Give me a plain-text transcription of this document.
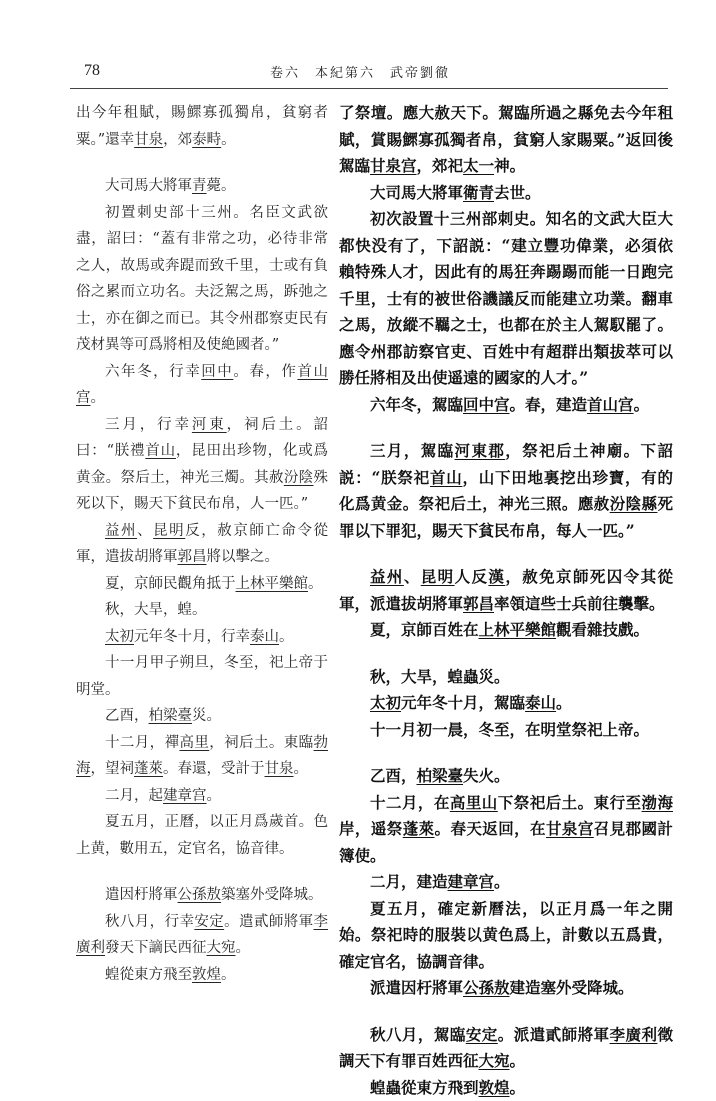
78	卷六　本紀第六　武帝劉徹

出今年租賦，賜鰥寡孤獨帛，貧窮者粟。”還幸甘泉，郊泰畤。

大司馬大將軍青薨。

初置刺史部十三州。名臣文武欲盡，詔曰：“蓋有非常之功，必待非常之人，故馬或奔踶而致千里，士或有負俗之累而立功名。夫泛駕之馬，跅弛之士，亦在御之而已。其令州郡察吏民有茂材異等可爲將相及使絶國者。”

六年冬，行幸回中。春，作首山宫。

三月，行幸河東，祠后土。詔曰：“朕禮首山，昆田出珍物，化或爲黄金。祭后土，神光三燭。其赦汾陰殊死以下，賜天下貧民布帛，人一匹。”

益州、昆明反，赦京師亡命令從軍，遣拔胡將軍郭昌將以擊之。

夏，京師民觀角抵于上林平樂館。

秋，大旱，蝗。

太初元年冬十月，行幸泰山。

十一月甲子朔旦，冬至，祀上帝于明堂。

乙酉，柏梁臺災。

十二月，禪高里，祠后土。東臨勃海，望祠蓬萊。春還，受計于甘泉。

二月，起建章宫。

夏五月，正曆，以正月爲歲首。色上黄，數用五，定官名，協音律。

遣因杅將軍公孫敖築塞外受降城。

秋八月，行幸安定。遣貳師將軍李廣利發天下謫民西征大宛。

蝗從東方飛至敦煌。

了祭壇。應大赦天下。駕臨所過之縣免去今年租賦，賞賜鰥寡孤獨者帛，貧窮人家賜粟。”返回後駕臨甘泉宫，郊祀太一神。

大司馬大將軍衛青去世。

初次設置十三州部刺史。知名的文武大臣大都快没有了，下詔説：“建立豐功偉業，必須依賴特殊人才，因此有的馬狂奔踢踢而能一日跑完千里，士有的被世俗譏議反而能建立功業。翻車之馬，放縱不羈之士，也都在於主人駕馭罷了。應令州郡訪察官吏、百姓中有超群出類拔萃可以勝任將相及出使遥遠的國家的人才。”

六年冬，駕臨回中宫。春，建造首山宫。

三月，駕臨河東郡，祭祀后土神廟。下詔説：“朕祭祀首山，山下田地裏挖出珍寶，有的化爲黄金。祭祀后土，神光三照。應赦汾陰縣死罪以下罪犯，賜天下貧民布帛，每人一匹。”

益州、昆明人反漢，赦免京師死囚令其從軍，派遣拔胡將軍郭昌率領這些士兵前往襲擊。

夏，京師百姓在上林平樂館觀看雜技戲。

秋，大旱，蝗蟲災。

太初元年冬十月，駕臨泰山。

十一月初一晨，冬至，在明堂祭祀上帝。

乙酉，柏梁臺失火。

十二月，在高里山下祭祀后土。東行至渤海岸，遥祭蓬萊。春天返回，在甘泉宫召見郡國計簿使。

二月，建造建章宫。

夏五月，確定新曆法，以正月爲一年之開始。祭祀時的服裝以黄色爲上，計數以五爲貴，確定官名，協調音律。

派遣因杅將軍公孫敖建造塞外受降城。

秋八月，駕臨安定。派遣貳師將軍李廣利徵調天下有罪百姓西征大宛。

蝗蟲從東方飛到敦煌。
